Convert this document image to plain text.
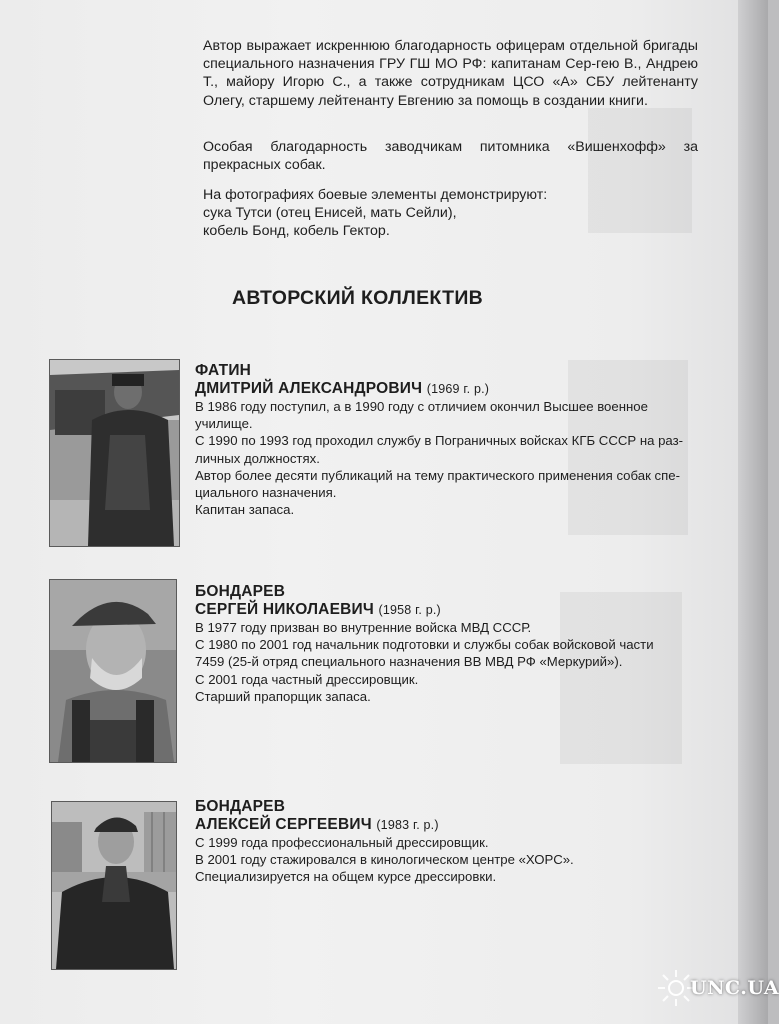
Автор выражает искреннюю благодарность офицерам отдельной бригады специального назначения ГРУ ГШ МО РФ: капитанам Сер-гею В., Андрею Т., майору Игорю С., а также сотрудникам ЦСО «А» СБУ лейтенанту Олегу, старшему лейтенанту Евгению за помощь в создании книги.

Особая благодарность заводчикам питомника «Вишенхофф» за прекрасных собак.

На фотографиях боевые элементы демонстрируют:

сука Тутси (отец Енисей, мать Сейли),

кобель Бонд, кобель Гектор.

АВТОРСКИЙ КОЛЛЕКТИВ

ФАТИН

ДМИТРИЙ АЛЕКСАНДРОВИЧ (1969 г. р.)

В 1986 году поступил, а в 1990 году с отличием окончил Высшее военное

училище.

С 1990 по 1993 год проходил службу в Пограничных войсках КГБ СССР на раз-

личных должностях.

Автор более десяти публикаций на тему практического применения собак спе-

циального назначения.

Капитан запаса.

БОНДАРЕВ

СЕРГЕЙ НИКОЛАЕВИЧ (1958 г. р.)

В 1977 году призван во внутренние войска МВД СССР.

С 1980 по 2001 год начальник подготовки и службы собак войсковой части

7459 (25-й отряд специального назначения ВВ МВД РФ «Меркурий»).

С 2001 года частный дрессировщик.

Старший прапорщик запаса.

БОНДАРЕВ

АЛЕКСЕЙ СЕРГЕЕВИЧ (1983 г. р.)

С 1999 года профессиональный дрессировщик.

В 2001 году стажировался в кинологическом центре «ХОРС».

Специализируется на общем курсе дрессировки.

UNC.UA
